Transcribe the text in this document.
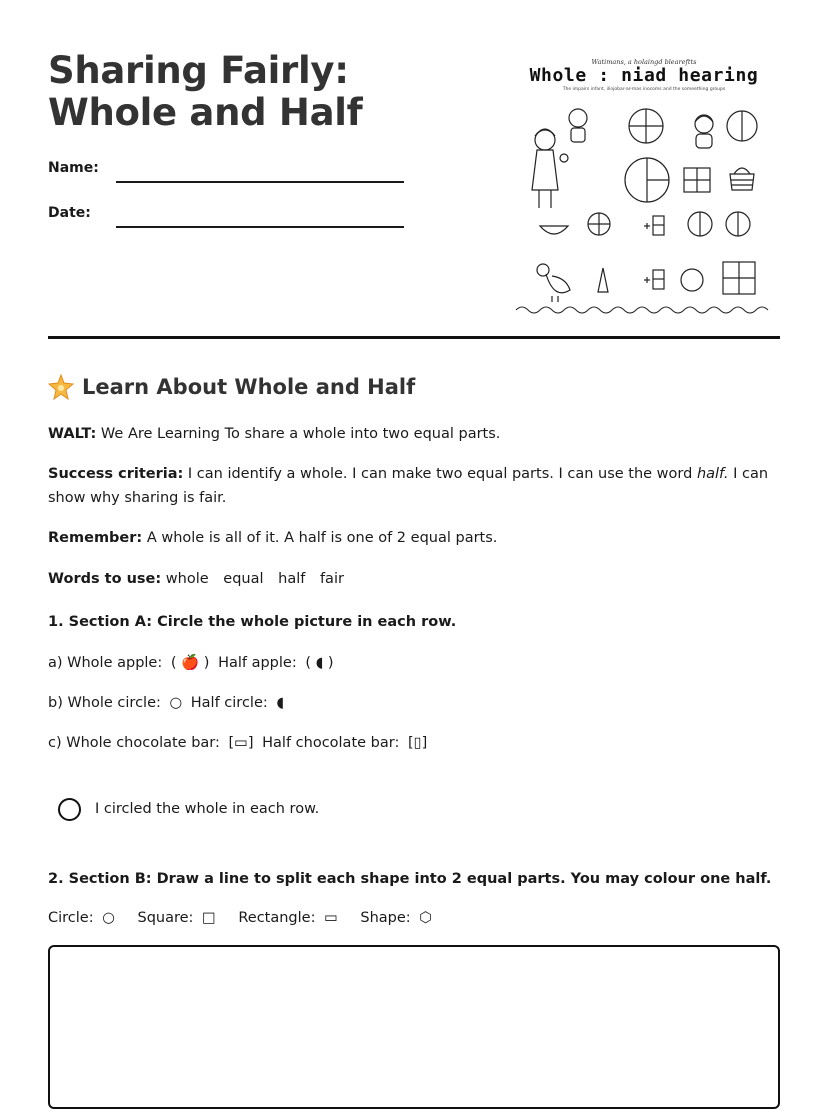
Sharing Fairly: Whole and Half
Name:
Date:
Watimans, a holaingd bleareftts
Whole : niad hearing
The impairs infant, ilinjobar-ar-mas inocoms and the someething groups
Learn About Whole and Half
WALT: We Are Learning To share a whole into two equal parts.
Success criteria: I can identify a whole. I can make two equal parts. I can use the word half. I can show why sharing is fair.
Remember: A whole is all of it. A half is one of 2 equal parts.
Words to use: whole equal half fair
1. Section A: Circle the whole picture in each row.
a) Whole apple: ( 🍎 ) Half apple: ( ◖ )
b) Whole circle: ○ Half circle: ◖
c) Whole chocolate bar: [▭] Half chocolate bar: [▯]
I circled the whole in each row.
2. Section B: Draw a line to split each shape into 2 equal parts. You may colour one half.
Circle: ○ Square: □ Rectangle: ▭ Shape: ⬡
